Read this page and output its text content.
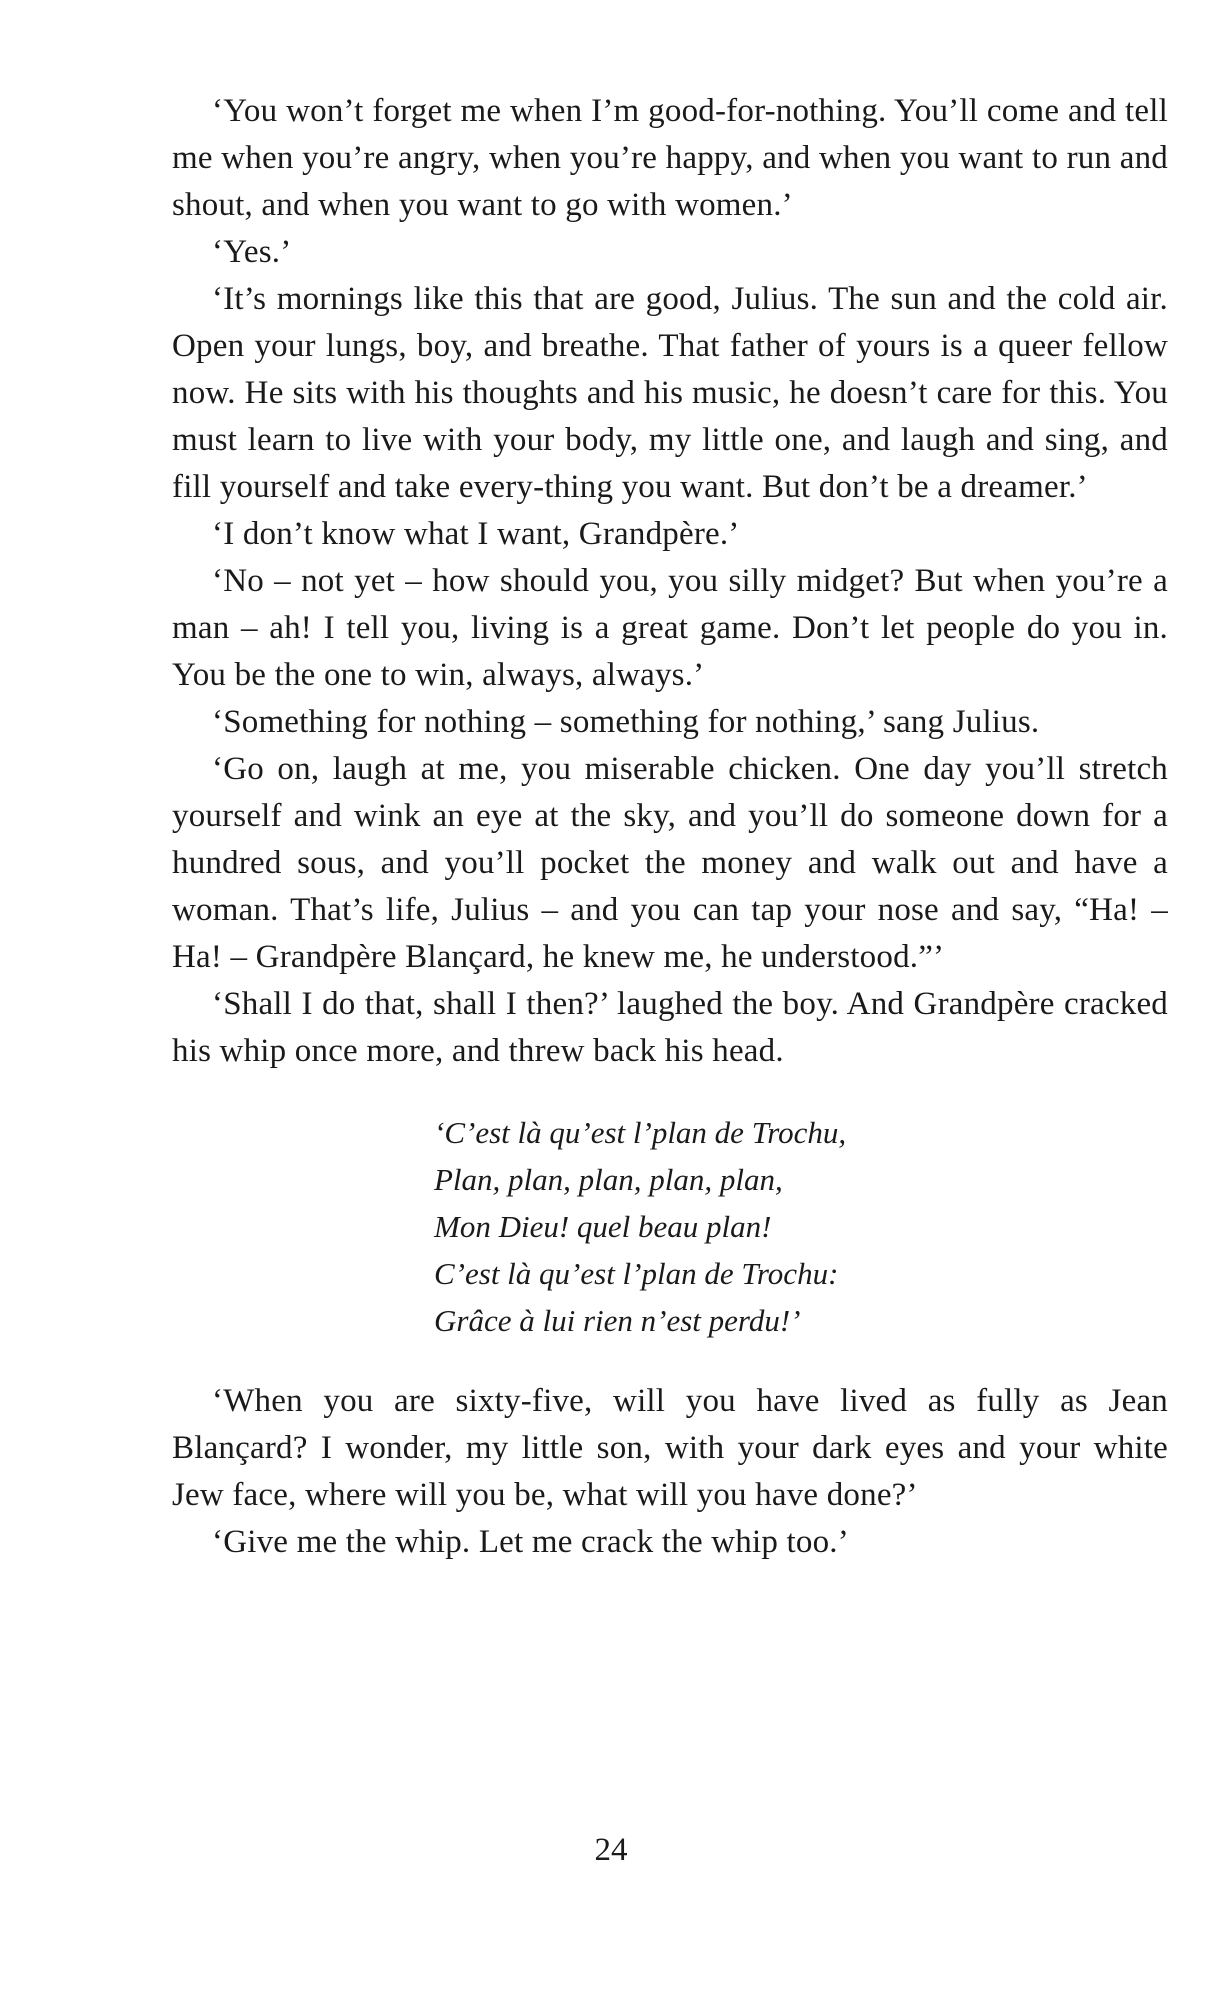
‘You won’t forget me when I’m good-for-nothing. You’ll come and tell me when you’re angry, when you’re happy, and when you want to run and shout, and when you want to go with women.’

‘Yes.’

‘It’s mornings like this that are good, Julius. The sun and the cold air. Open your lungs, boy, and breathe. That father of yours is a queer fellow now. He sits with his thoughts and his music, he doesn’t care for this. You must learn to live with your body, my little one, and laugh and sing, and fill yourself and take every-thing you want. But don’t be a dreamer.’

‘I don’t know what I want, Grandpère.’

‘No – not yet – how should you, you silly midget? But when you’re a man – ah! I tell you, living is a great game. Don’t let people do you in. You be the one to win, always, always.’

‘Something for nothing – something for nothing,’ sang Julius.

‘Go on, laugh at me, you miserable chicken. One day you’ll stretch yourself and wink an eye at the sky, and you’ll do someone down for a hundred sous, and you’ll pocket the money and walk out and have a woman. That’s life, Julius – and you can tap your nose and say, “Ha! – Ha! – Grandpère Blançard, he knew me, he understood.”’

‘Shall I do that, shall I then?’ laughed the boy. And Grandpère cracked his whip once more, and threw back his head.

‘C’est là qu’est l’plan de Trochu,
Plan, plan, plan, plan, plan,
Mon Dieu! quel beau plan!
C’est là qu’est l’plan de Trochu:
Grâce à lui rien n’est perdu!’

‘When you are sixty-five, will you have lived as fully as Jean Blançard? I wonder, my little son, with your dark eyes and your white Jew face, where will you be, what will you have done?’

‘Give me the whip. Let me crack the whip too.’

24
